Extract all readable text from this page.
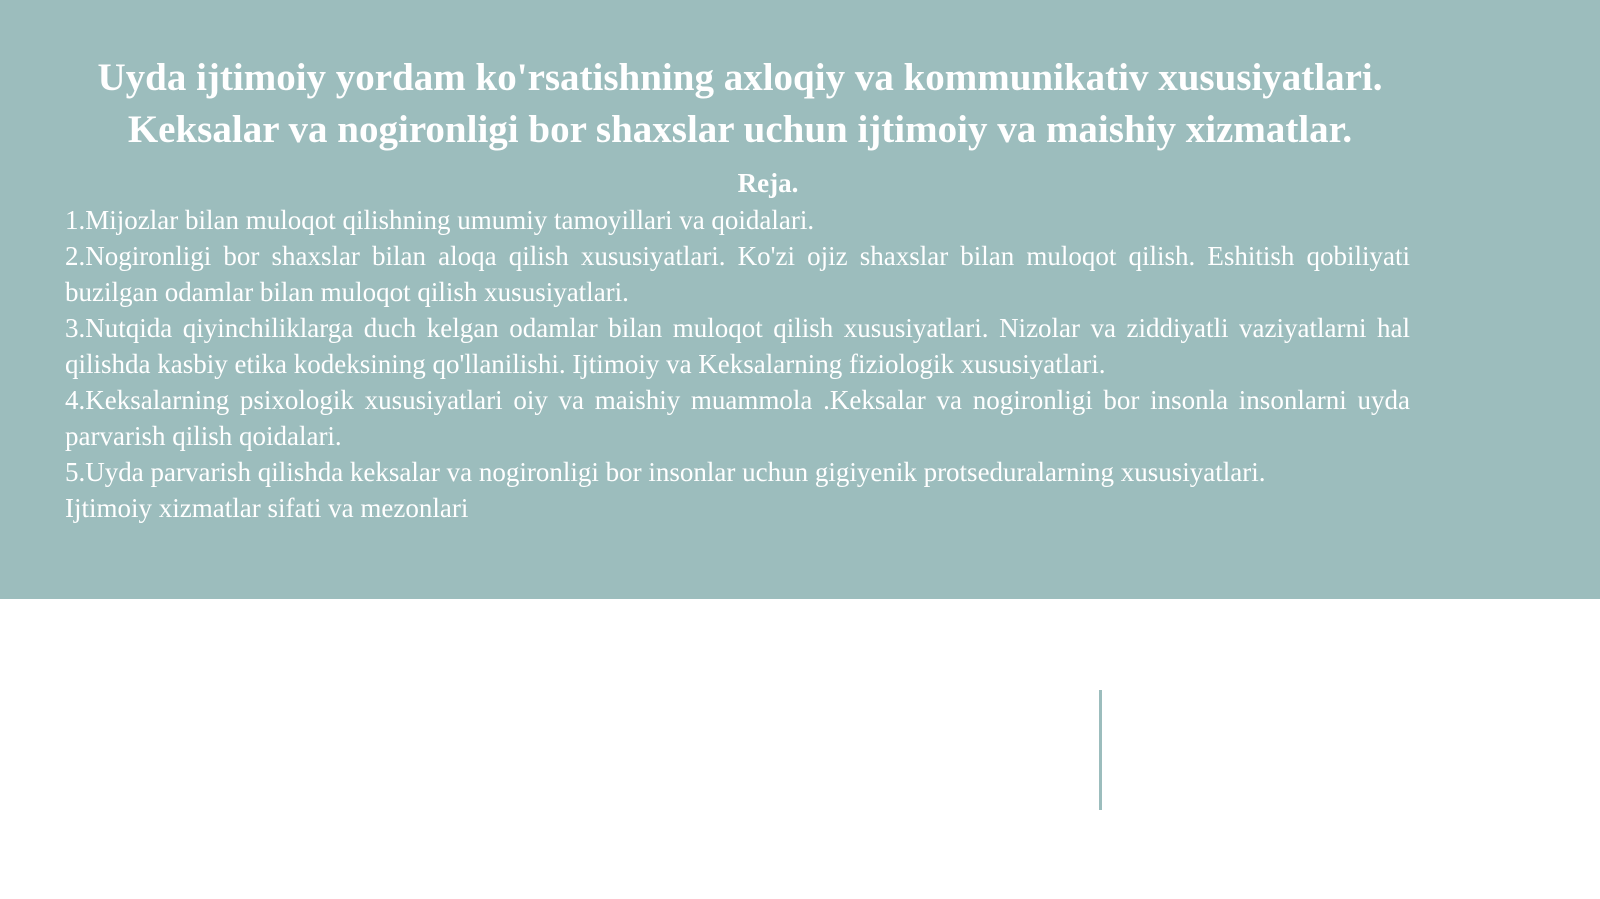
Uyda ijtimoiy yordam ko'rsatishning axloqiy va kommunikativ xususiyatlari.
Keksalar va nogironligi bor shaxslar uchun ijtimoiy va maishiy xizmatlar.
Reja.
1.Mijozlar bilan muloqot qilishning umumiy tamoyillari va qoidalari.
2.Nogironligi bor shaxslar bilan aloqa qilish xususiyatlari. Ko'zi ojiz shaxslar bilan muloqot qilish. Eshitish qobiliyati buzilgan odamlar bilan muloqot qilish xususiyatlari.
3.Nutqida qiyinchiliklarga duch kelgan odamlar bilan muloqot qilish xususiyatlari. Nizolar va ziddiyatli vaziyatlarni hal qilishda kasbiy etika kodeksining qo'llanilishi. Ijtimoiy va Keksalarning fiziologik xususiyatlari.
4.Keksalarning psixologik xususiyatlari oiy va maishiy muammola .Keksalar va nogironligi bor insonla insonlarni uyda parvarish qilish qoidalari.
5.Uyda parvarish qilishda keksalar va nogironligi bor insonlar uchun gigiyenik protseduralarning xususiyatlari.
Ijtimoiy xizmatlar sifati va mezonlari
